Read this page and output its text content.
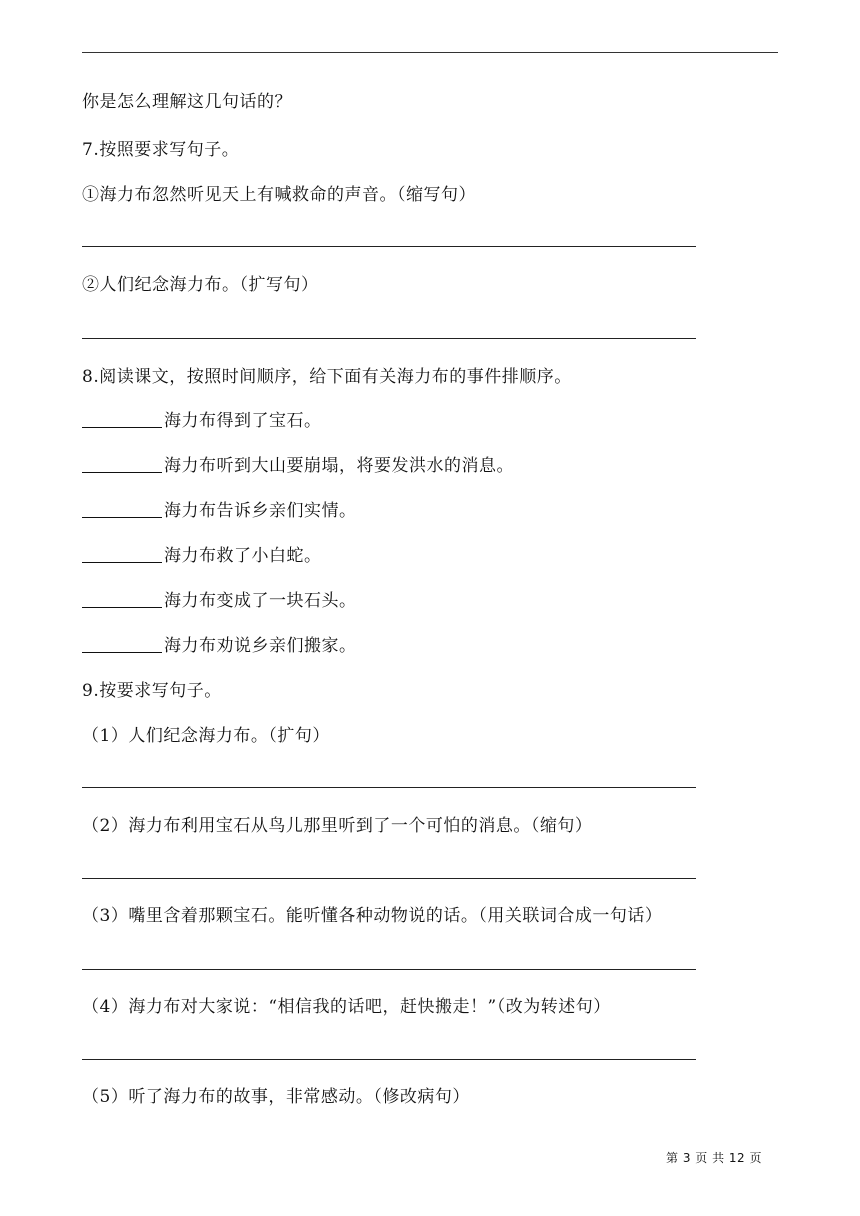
你是怎么理解这几句话的？
7.按照要求写句子。
①海力布忽然听见天上有喊救命的声音。（缩写句）
②人们纪念海力布。（扩写句）
8.阅读课文，按照时间顺序，给下面有关海力布的事件排顺序。
海力布得到了宝石。
海力布听到大山要崩塌，将要发洪水的消息。
海力布告诉乡亲们实情。
海力布救了小白蛇。
海力布变成了一块石头。
海力布劝说乡亲们搬家。
9.按要求写句子。
（1）人们纪念海力布。（扩句）
（2）海力布利用宝石从鸟儿那里听到了一个可怕的消息。（缩句）
（3）嘴里含着那颗宝石。能听懂各种动物说的话。（用关联词合成一句话）
（4）海力布对大家说：“相信我的话吧，赶快搬走！”（改为转述句）
（5）听了海力布的故事，非常感动。（修改病句）
第 3 页 共 12 页
